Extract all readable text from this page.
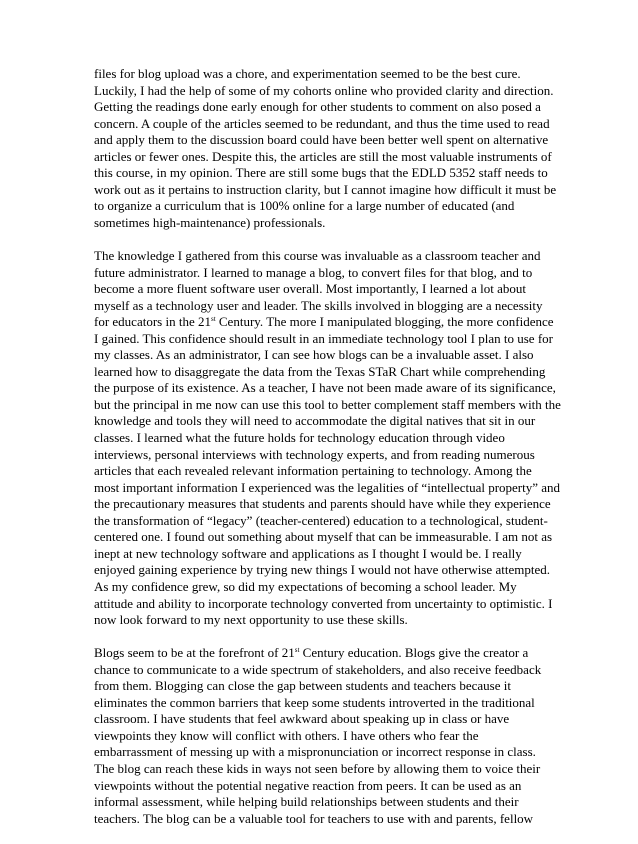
files for blog upload was a chore, and experimentation seemed to be the best cure.
Luckily, I had the help of some of my cohorts online who provided clarity and direction.
Getting the readings done early enough for other students to comment on also posed a
concern. A couple of the articles seemed to be redundant, and thus the time used to read
and apply them to the discussion board could have been better well spent on alternative
articles or fewer ones. Despite this, the articles are still the most valuable instruments of
this course, in my opinion. There are still some bugs that the EDLD 5352 staff needs to
work out as it pertains to instruction clarity, but I cannot imagine how difficult it must be
to organize a curriculum that is 100% online for a large number of educated (and
sometimes high-maintenance) professionals.
The knowledge I gathered from this course was invaluable as a classroom teacher and
future administrator. I learned to manage a blog, to convert files for that blog, and to
become a more fluent software user overall. Most importantly, I learned a lot about
myself as a technology user and leader. The skills involved in blogging are a necessity
for educators in the 21st Century. The more I manipulated blogging, the more confidence
I gained. This confidence should result in an immediate technology tool I plan to use for
my classes. As an administrator, I can see how blogs can be a invaluable asset. I also
learned how to disaggregate the data from the Texas STaR Chart while comprehending
the purpose of its existence. As a teacher, I have not been made aware of its significance,
but the principal in me now can use this tool to better complement staff members with the
knowledge and tools they will need to accommodate the digital natives that sit in our
classes. I learned what the future holds for technology education through video
interviews, personal interviews with technology experts, and from reading numerous
articles that each revealed relevant information pertaining to technology. Among the
most important information I experienced was the legalities of “intellectual property” and
the precautionary measures that students and parents should have while they experience
the transformation of “legacy” (teacher-centered) education to a technological, student-
centered one. I found out something about myself that can be immeasurable. I am not as
inept at new technology software and applications as I thought I would be. I really
enjoyed gaining experience by trying new things I would not have otherwise attempted.
As my confidence grew, so did my expectations of becoming a school leader. My
attitude and ability to incorporate technology converted from uncertainty to optimistic. I
now look forward to my next opportunity to use these skills.
Blogs seem to be at the forefront of 21st Century education. Blogs give the creator a
chance to communicate to a wide spectrum of stakeholders, and also receive feedback
from them. Blogging can close the gap between students and teachers because it
eliminates the common barriers that keep some students introverted in the traditional
classroom. I have students that feel awkward about speaking up in class or have
viewpoints they know will conflict with others. I have others who fear the
embarrassment of messing up with a mispronunciation or incorrect response in class.
The blog can reach these kids in ways not seen before by allowing them to voice their
viewpoints without the potential negative reaction from peers. It can be used as an
informal assessment, while helping build relationships between students and their
teachers. The blog can be a valuable tool for teachers to use with and parents, fellow
